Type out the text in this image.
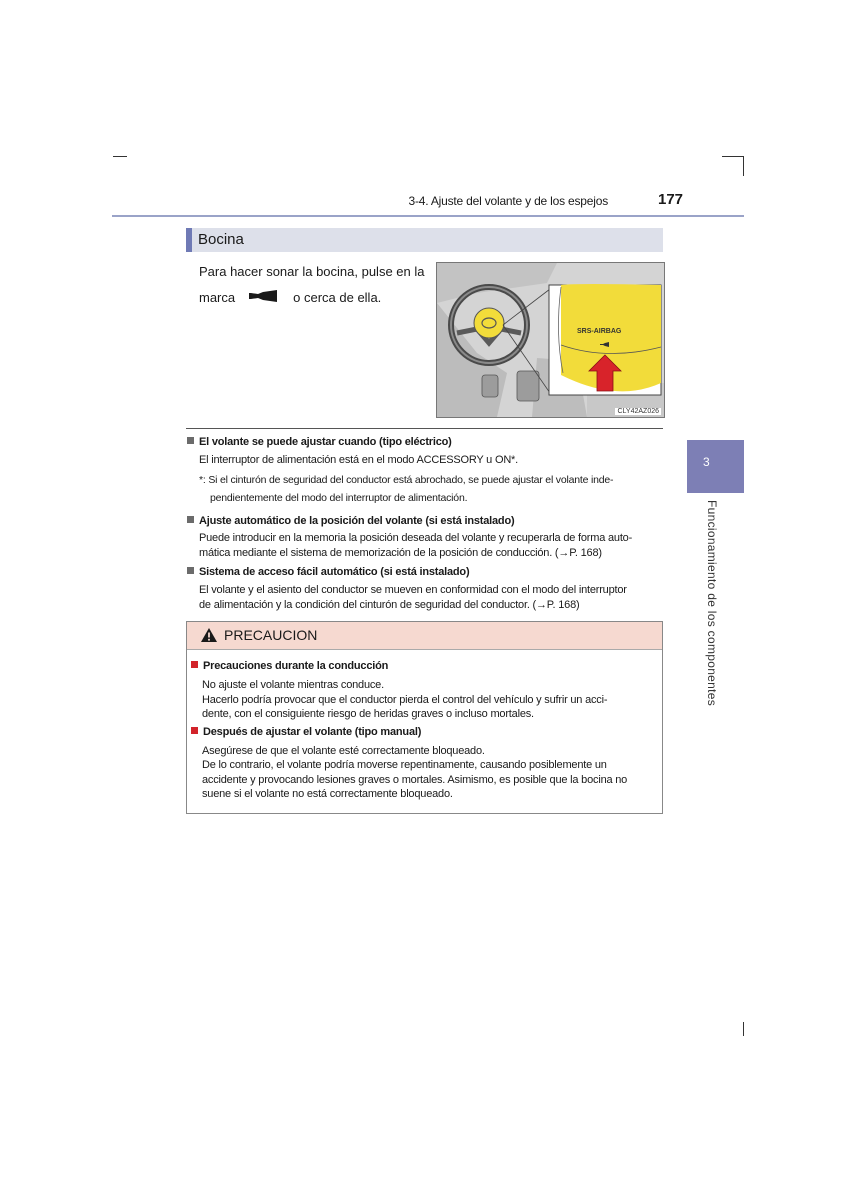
3-4. Ajuste del volante y de los espejos	177
3
Funcionamiento de los componentes
Bocina
Para hacer sonar la bocina, pulse en la
marca	o cerca de ella.
SRS-AIRBAG
CLY42AZ026
El volante se puede ajustar cuando (tipo eléctrico)
El interruptor de alimentación está en el modo ACCESSORY u ON*.
*: Si el cinturón de seguridad del conductor está abrochado, se puede ajustar el volante inde-
pendientemente del modo del interruptor de alimentación.
Ajuste automático de la posición del volante (si está instalado)
Puede introducir en la memoria la posición deseada del volante y recuperarla de forma auto-
mática mediante el sistema de memorización de la posición de conducción. (→P. 168)
Sistema de acceso fácil automático (si está instalado)
El volante y el asiento del conductor se mueven en conformidad con el modo del interruptor
de alimentación y la condición del cinturón de seguridad del conductor. (→P. 168)
PRECAUCION
Precauciones durante la conducción
No ajuste el volante mientras conduce.
Hacerlo podría provocar que el conductor pierda el control del vehículo y sufrir un acci-
dente, con el consiguiente riesgo de heridas graves o incluso mortales.
Después de ajustar el volante (tipo manual)
Asegúrese de que el volante esté correctamente bloqueado.
De lo contrario, el volante podría moverse repentinamente, causando posiblemente un
accidente y provocando lesiones graves o mortales. Asimismo, es posible que la bocina no
suene si el volante no está correctamente bloqueado.
